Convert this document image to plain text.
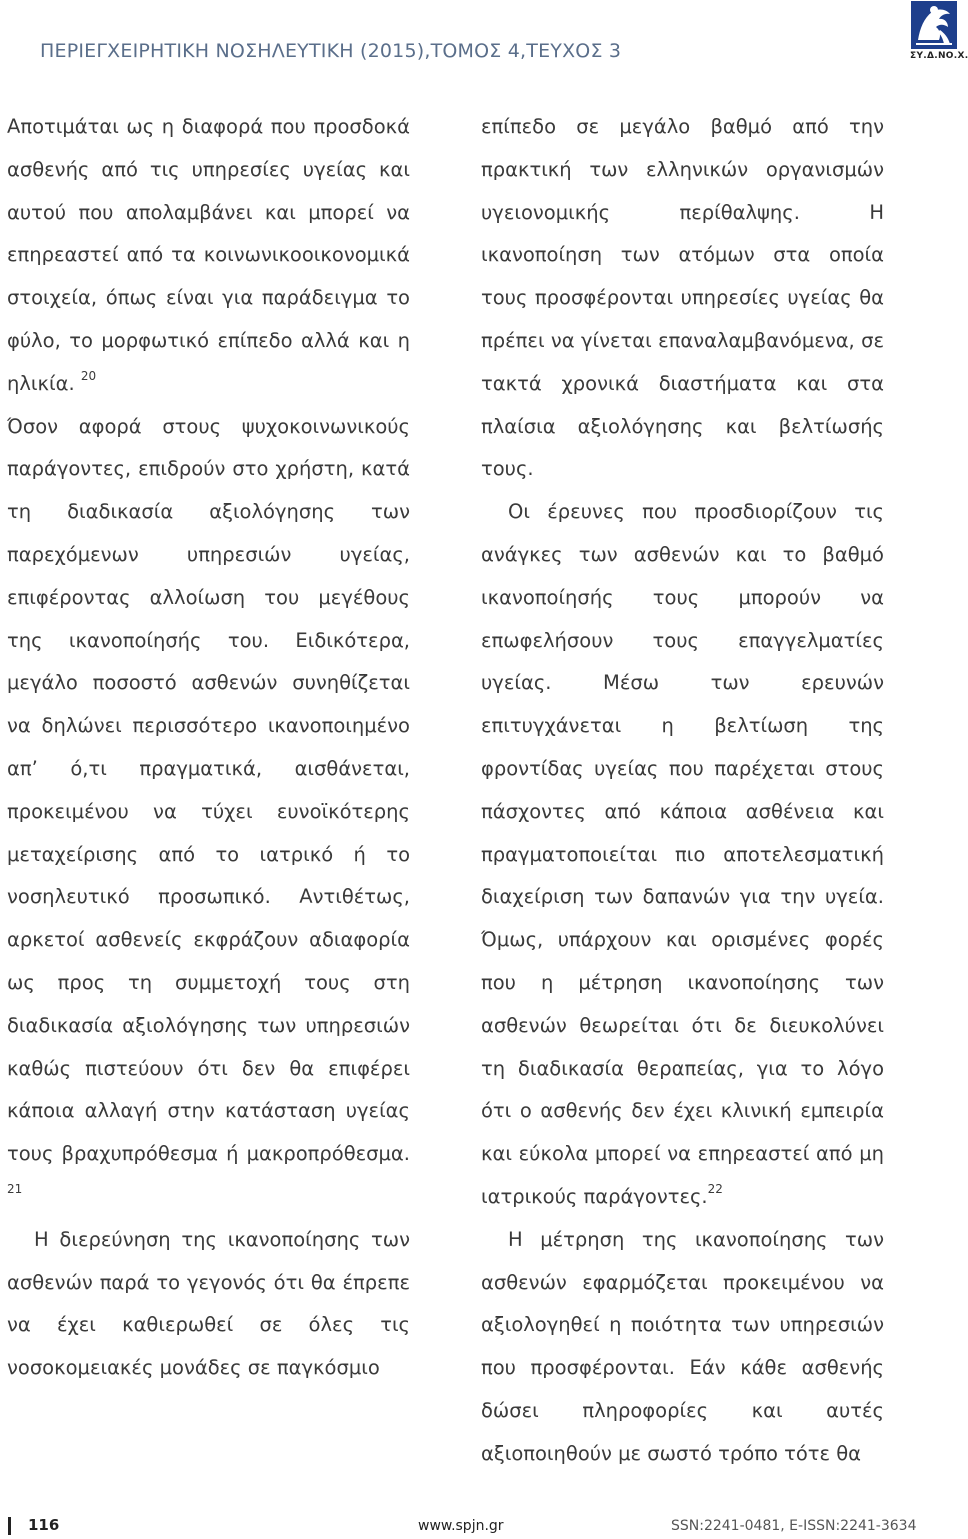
ΠΕΡΙΕΓΧΕΙΡΗΤΙΚΗ ΝΟΣΗΛΕΥΤΙΚΗ (2015),ΤΟΜΟΣ 4,ΤΕΥΧΟΣ 3	ΣΥ.Δ.ΝΟ.Χ.

Αποτιμάται ως η διαφορά που προσδοκά ασθενής από τις υπηρεσίες υγείας και αυτού που απολαμβάνει και μπορεί να επηρεαστεί από τα κοινωνικοοικονομικά στοιχεία, όπως είναι για παράδειγμα το φύλο, το μορφωτικό επίπεδο αλλά και η ηλικία. $^{20}$

Όσον αφορά στους ψυχοκοινωνικούς παράγοντες, επιδρούν στο χρήστη, κατά τη διαδικασία αξιολόγησης των παρεχόμενων υπηρεσιών υγείας, επιφέροντας αλλοίωση του μεγέθους της ικανοποίησής του. Ειδικότερα, μεγάλο ποσοστό ασθενών συνηθίζεται να δηλώνει περισσότερο ικανοποιημένο απ’ ό,τι πραγματικά, αισθάνεται, προκειμένου να τύχει ευνοϊκότερης μεταχείρισης από το ιατρικό ή το νοσηλευτικό προσωπικό. Αντιθέτως, αρκετοί ασθενείς εκφράζουν αδιαφορία ως προς τη συμμετοχή τους στη διαδικασία αξιολόγησης των υπηρεσιών καθώς πιστεύουν ότι δεν θα επιφέρει κάποια αλλαγή στην κατάσταση υγείας τους βραχυπρόθεσμα ή μακροπρόθεσμα. $^{21}$

Η διερεύνηση της ικανοποίησης των ασθενών παρά το γεγονός ότι θα έπρεπε να έχει καθιερωθεί σε όλες τις νοσοκομειακές μονάδες σε παγκόσμιο

επίπεδο σε μεγάλο βαθμό από την πρακτική των ελληνικών οργανισμών υγειονομικής περίθαλψης. Η ικανοποίηση των ατόμων στα οποία τους προσφέρονται υπηρεσίες υγείας θα πρέπει να γίνεται επαναλαμβανόμενα, σε τακτά χρονικά διαστήματα και στα πλαίσια αξιολόγησης και βελτίωσής τους.

Οι έρευνες που προσδιορίζουν τις ανάγκες των ασθενών και το βαθμό ικανοποίησής τους μπορούν να επωφελήσουν τους επαγγελματίες υγείας. Μέσω των ερευνών επιτυγχάνεται η βελτίωση της φροντίδας υγείας που παρέχεται στους πάσχοντες από κάποια ασθένεια και πραγματοποιείται πιο αποτελεσματική διαχείριση των δαπανών για την υγεία. Όμως, υπάρχουν και ορισμένες φορές που η μέτρηση ικανοποίησης των ασθενών θεωρείται ότι δε διευκολύνει τη διαδικασία θεραπείας, για το λόγο ότι ο ασθενής δεν έχει κλινική εμπειρία και εύκολα μπορεί να επηρεαστεί από μη ιατρικούς παράγοντες.$^{22}$

Η μέτρηση της ικανοποίησης των ασθενών εφαρμόζεται προκειμένου να αξιολογηθεί η ποιότητα των υπηρεσιών που προσφέρονται. Εάν κάθε ασθενής δώσει πληροφορίες και αυτές αξιοποιηθούν με σωστό τρόπο τότε θα

116	www.spjn.gr	SSN:2241-0481, E-ISSN:2241-3634
